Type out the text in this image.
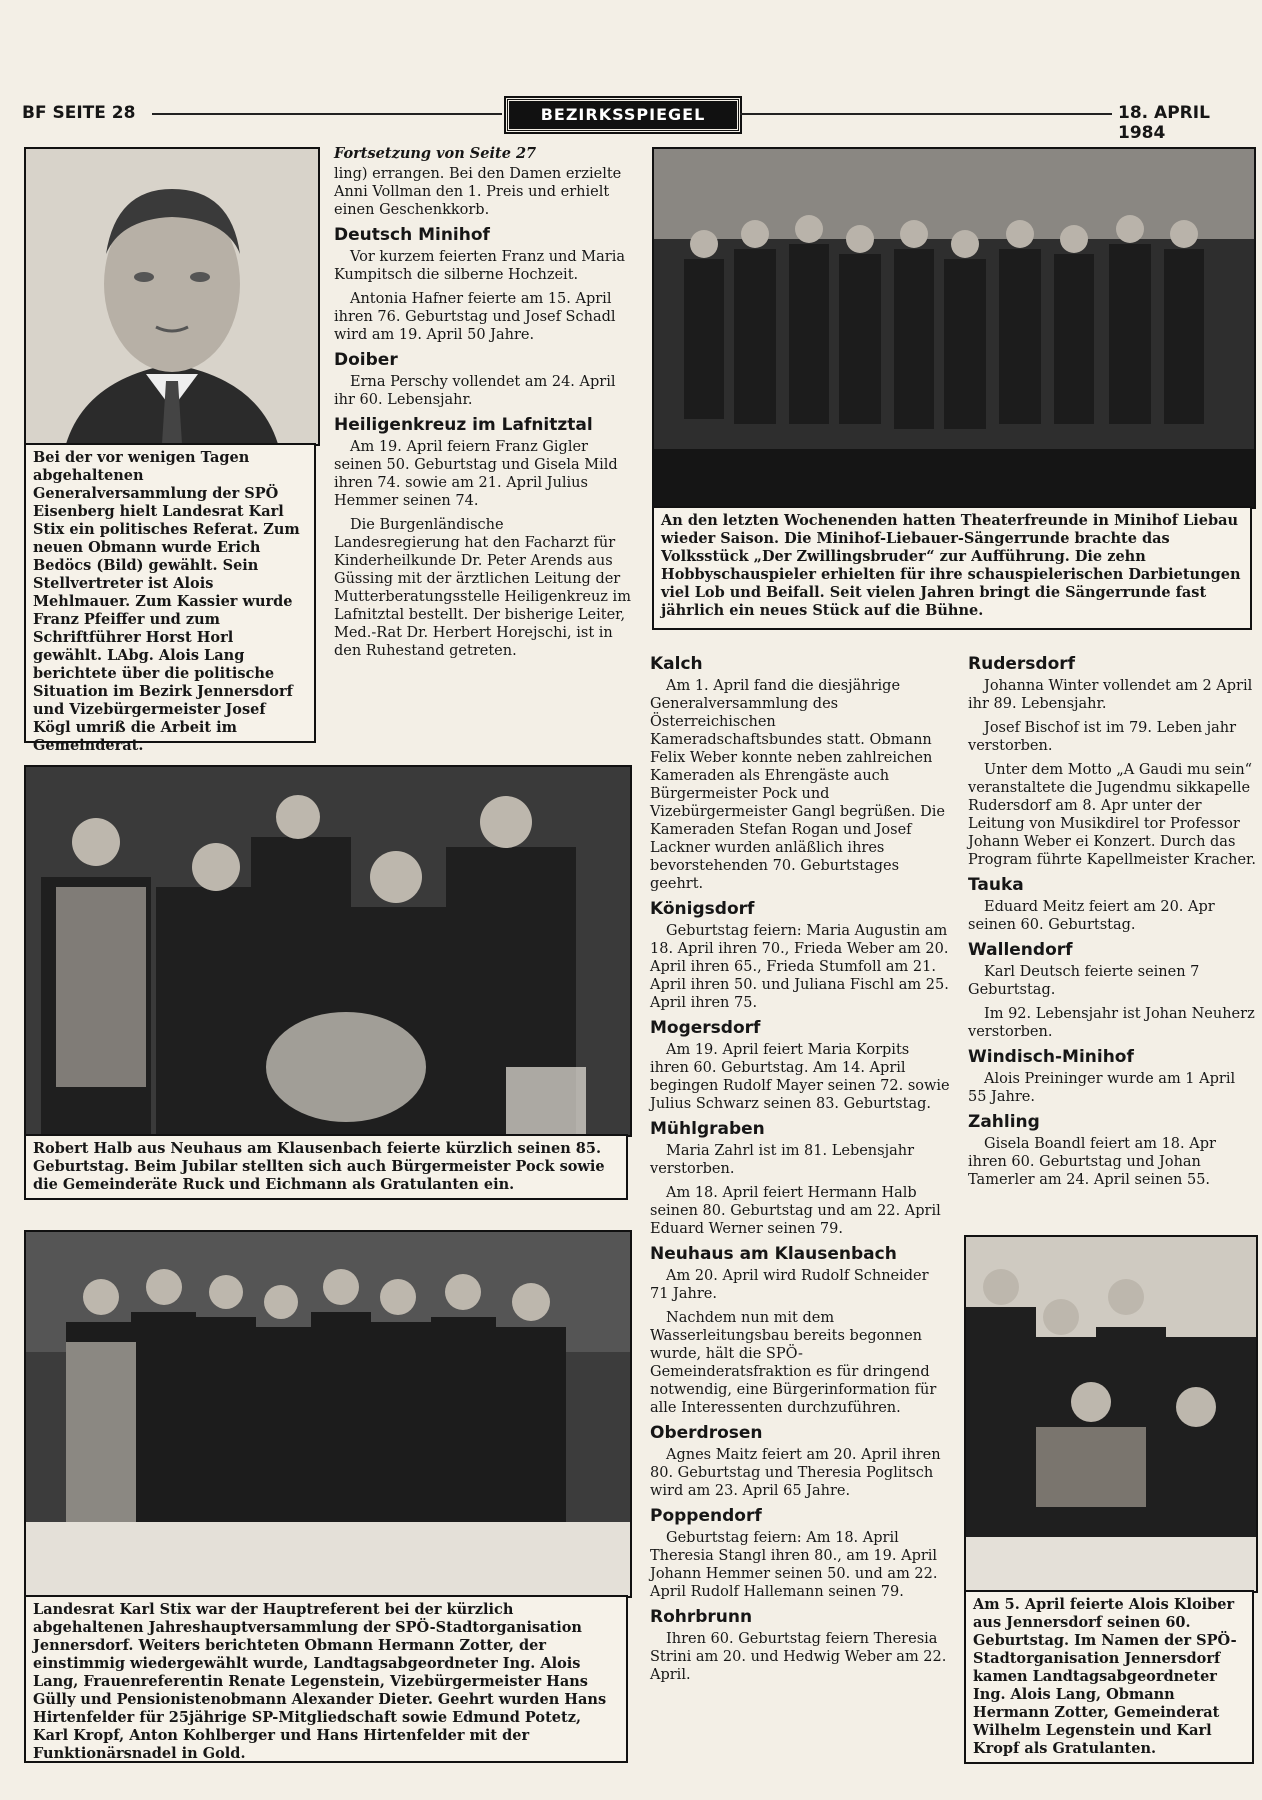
BF SEITE 28	BEZIRKSSPIEGEL	18. APRIL 1984
Bei der vor wenigen Tagen abgehaltenen Generalversammlung der SPÖ Eisenberg hielt Landesrat Karl Stix ein politisches Referat. Zum neuen Obmann wurde Erich Bedöcs (Bild) gewählt. Sein Stellvertreter ist Alois Mehlmauer. Zum Kassier wurde Franz Pfeiffer und zum Schriftführer Horst Horl gewählt. LAbg. Alois Lang berichtete über die politische Situation im Bezirk Jennersdorf und Vizebürgermeister Josef Kögl umriß die Arbeit im Gemeinderat.

Fortsetzung von Seite 27

ling) errangen. Bei den Damen erzielte Anni Vollman den 1. Preis und erhielt einen Geschenkkorb.

Deutsch Minihof

Vor kurzem feierten Franz und Maria Kumpitsch die silberne Hochzeit.

Antonia Hafner feierte am 15. April ihren 76. Geburtstag und Josef Schadl wird am 19. April 50 Jahre.

Doiber

Erna Perschy vollendet am 24. April ihr 60. Lebensjahr.

Heiligenkreuz im Lafnitztal

Am 19. April feiern Franz Gigler seinen 50. Geburtstag und Gisela Mild ihren 74. sowie am 21. April Julius Hemmer seinen 74.

Die Burgenländische Landesregierung hat den Facharzt für Kinderheilkunde Dr. Peter Arends aus Güssing mit der ärztlichen Leitung der Mutterberatungsstelle Heiligenkreuz im Lafnitztal bestellt. Der bisherige Leiter, Med.-Rat Dr. Herbert Horejschi, ist in den Ruhestand getreten.

An den letzten Wochenenden hatten Theaterfreunde in Minihof Liebau wieder Saison. Die Minihof-Liebauer-Sängerrunde brachte das Volksstück „Der Zwillingsbruder“ zur Aufführung. Die zehn Hobbyschauspieler erhielten für ihre schauspielerischen Darbietungen viel Lob und Beifall. Seit vielen Jahren bringt die Sängerrunde fast jährlich ein neues Stück auf die Bühne.
Robert Halb aus Neuhaus am Klausenbach feierte kürzlich seinen 85. Geburtstag. Beim Jubilar stellten sich auch Bürgermeister Pock sowie die Gemeinderäte Ruck und Eichmann als Gratulanten ein.
Landesrat Karl Stix war der Hauptreferent bei der kürzlich abgehaltenen Jahreshauptversammlung der SPÖ-Stadtorganisation Jennersdorf. Weiters berichteten Obmann Hermann Zotter, der einstimmig wiedergewählt wurde, Landtagsabgeordneter Ing. Alois Lang, Frauenreferentin Renate Legenstein, Vizebürgermeister Hans Gülly und Pensionistenobmann Alexander Dieter. Geehrt wurden Hans Hirtenfelder für 25jährige SP-Mitgliedschaft sowie Edmund Potetz, Karl Kropf, Anton Kohlberger und Hans Hirtenfelder mit der Funktionärsnadel in Gold.
Kalch

Am 1. April fand die diesjährige Generalversammlung des Österreichischen Kameradschaftsbundes statt. Obmann Felix Weber konnte neben zahlreichen Kameraden als Ehrengäste auch Bürgermeister Pock und Vizebürgermeister Gangl begrüßen. Die Kameraden Stefan Rogan und Josef Lackner wurden anläßlich ihres bevorstehenden 70. Geburtstages geehrt.

Königsdorf

Geburtstag feiern: Maria Augustin am 18. April ihren 70., Frieda Weber am 20. April ihren 65., Frieda Stumfoll am 21. April ihren 50. und Juliana Fischl am 25. April ihren 75.

Mogersdorf

Am 19. April feiert Maria Korpits ihren 60. Geburtstag. Am 14. April begingen Rudolf Mayer seinen 72. sowie Julius Schwarz seinen 83. Geburtstag.

Mühlgraben

Maria Zahrl ist im 81. Lebensjahr verstorben.

Am 18. April feiert Hermann Halb seinen 80. Geburtstag und am 22. April Eduard Werner seinen 79.

Neuhaus am Klausenbach

Am 20. April wird Rudolf Schneider 71 Jahre.

Nachdem nun mit dem Wasserleitungsbau bereits begonnen wurde, hält die SPÖ-Gemeinderatsfraktion es für dringend notwendig, eine Bürgerinformation für alle Interessenten durchzuführen.

Oberdrosen

Agnes Maitz feiert am 20. April ihren 80. Geburtstag und Theresia Poglitsch wird am 23. April 65 Jahre.

Poppendorf

Geburtstag feiern: Am 18. April Theresia Stangl ihren 80., am 19. April Johann Hemmer seinen 50. und am 22. April Rudolf Hallemann seinen 79.

Rohrbrunn

Ihren 60. Geburtstag feiern Theresia Strini am 20. und Hedwig Weber am 22. April.

Rudersdorf

Johanna Winter vollendet am 2 April ihr 89. Lebensjahr.

Josef Bischof ist im 79. Leben jahr verstorben.

Unter dem Motto „A Gaudi mu sein“ veranstaltete die Jugendmu sikkapelle Rudersdorf am 8. Apr unter der Leitung von Musikdirel tor Professor Johann Weber ei Konzert. Durch das Program führte Kapellmeister Kracher.

Tauka

Eduard Meitz feiert am 20. Apr seinen 60. Geburtstag.

Wallendorf

Karl Deutsch feierte seinen 7 Geburtstag.

Im 92. Lebensjahr ist Johan Neuherz verstorben.

Windisch-Minihof

Alois Preininger wurde am 1 April 55 Jahre.

Zahling

Gisela Boandl feiert am 18. Apr ihren 60. Geburtstag und Johan Tamerler am 24. April seinen 55.

Am 5. April feierte Alois Kloiber aus Jennersdorf seinen 60. Geburtstag. Im Namen der SPÖ-Stadtorganisation Jennersdorf kamen Landtagsabgeordneter Ing. Alois Lang, Obmann Hermann Zotter, Gemeinderat Wilhelm Legenstein und Karl Kropf als Gratulanten.
